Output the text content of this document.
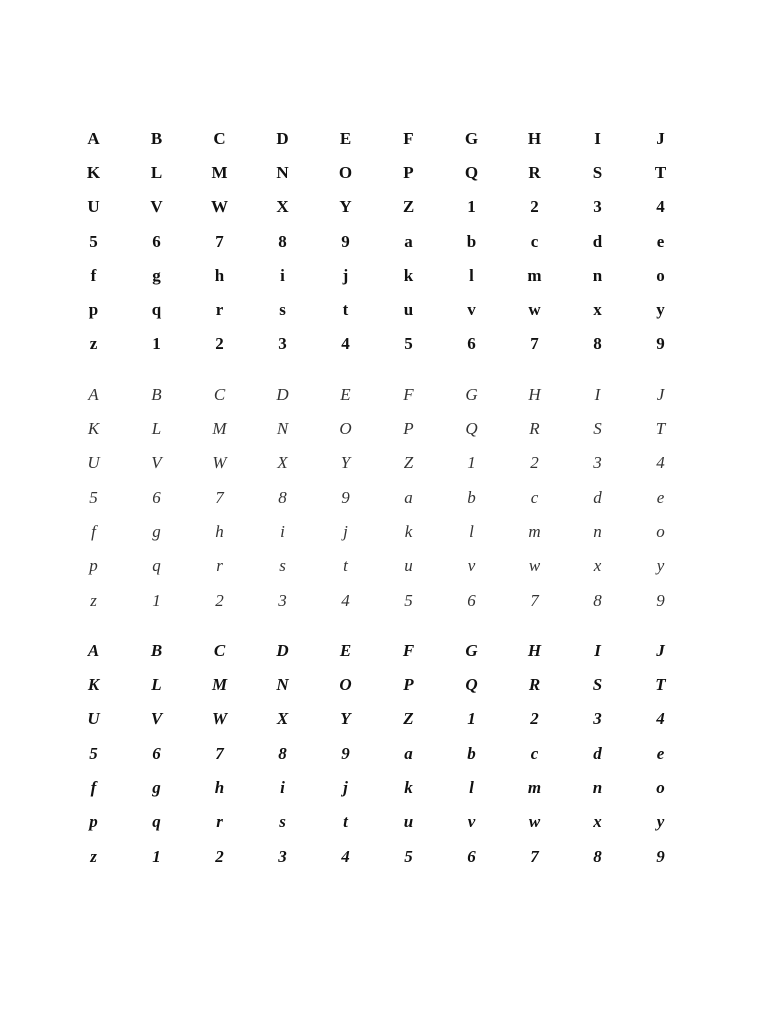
A	B	C	D	E	F	G	H	I	J
K	L	M	N	O	P	Q	R	S	T
U	V	W	X	Y	Z	1	2	3	4
5	6	7	8	9	a	b	c	d	e
f	g	h	i	j	k	l	m	n	o
p	q	r	s	t	u	v	w	x	y
z	1	2	3	4	5	6	7	8	9
A	B	C	D	E	F	G	H	I	J
K	L	M	N	O	P	Q	R	S	T
U	V	W	X	Y	Z	1	2	3	4
5	6	7	8	9	a	b	c	d	e
f	g	h	i	j	k	l	m	n	o
p	q	r	s	t	u	v	w	x	y
z	1	2	3	4	5	6	7	8	9
A	B	C	D	E	F	G	H	I	J
K	L	M	N	O	P	Q	R	S	T
U	V	W	X	Y	Z	1	2	3	4
5	6	7	8	9	a	b	c	d	e
f	g	h	i	j	k	l	m	n	o
p	q	r	s	t	u	v	w	x	y
z	1	2	3	4	5	6	7	8	9
